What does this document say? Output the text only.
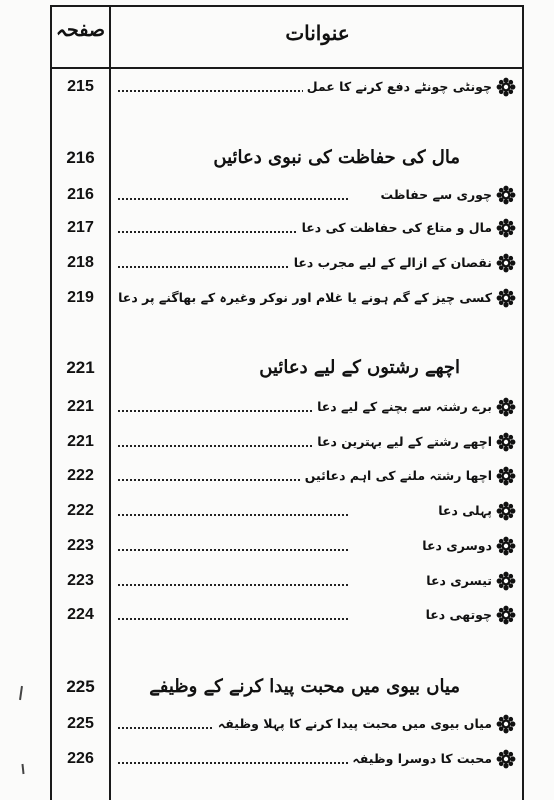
صفحہ	عنوانات
215	چونٹی چونٹے دفع کرنے کا عمل
216	مال کی حفاظت کی نبوی دعائیں
216	چوری سے حفاظت
217	مال و متاع کی حفاظت کی دعا
218	نقصان کے ازالے کے لیے مجرب دعا
219	کسی چیز کے گم ہونے یا غلام اور نوکر وغیرہ کے بھاگنے پر دعا
221	اچھے رشتوں کے لیے دعائیں
221	برے رشتہ سے بچنے کے لیے دعا
221	اچھے رشتے کے لیے بہترین دعا
222	اچھا رشتہ ملنے کی اہم دعائیں
222	پہلی دعا
223	دوسری دعا
223	تیسری دعا
224	چوتھی دعا
225	میاں بیوی میں محبت پیدا کرنے کے وظیفے
225	میاں بیوی میں محبت پیدا کرنے کا پہلا وظیفہ
226	محبت کا دوسرا وظیفہ
